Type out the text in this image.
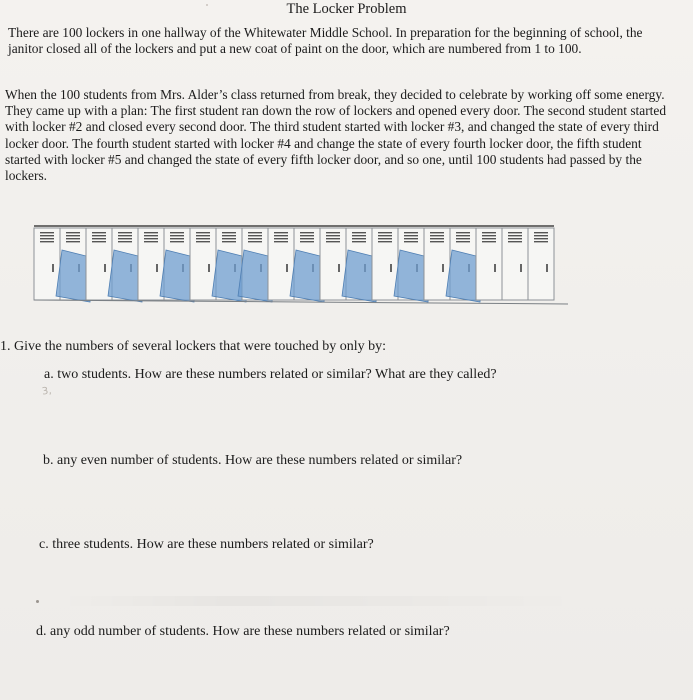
The Locker Problem

There are 100 lockers in one hallway of the Whitewater Middle School. In preparation for the beginning of school, the janitor closed all of the lockers and put a new coat of paint on the door, which are numbered from 1 to 100.

When the 100 students from Mrs. Alder’s class returned from break, they decided to celebrate by working off some energy. They came up with a plan: The first student ran down the row of lockers and opened every door. The second student started with locker #2 and closed every second door. The third student started with locker #3, and changed the state of every third locker door. The fourth student started with locker #4 and change the state of every fourth locker door, the fifth student started with locker #5 and changed the state of every fifth locker door, and so one, until 100 students had passed by the lockers.

1. Give the numbers of several lockers that were touched by only by:
a. two students. How are these numbers related or similar? What are they called?
3,
b. any even number of students. How are these numbers related or similar?
c. three students. How are these numbers related or similar?
d. any odd number of students. How are these numbers related or similar?
